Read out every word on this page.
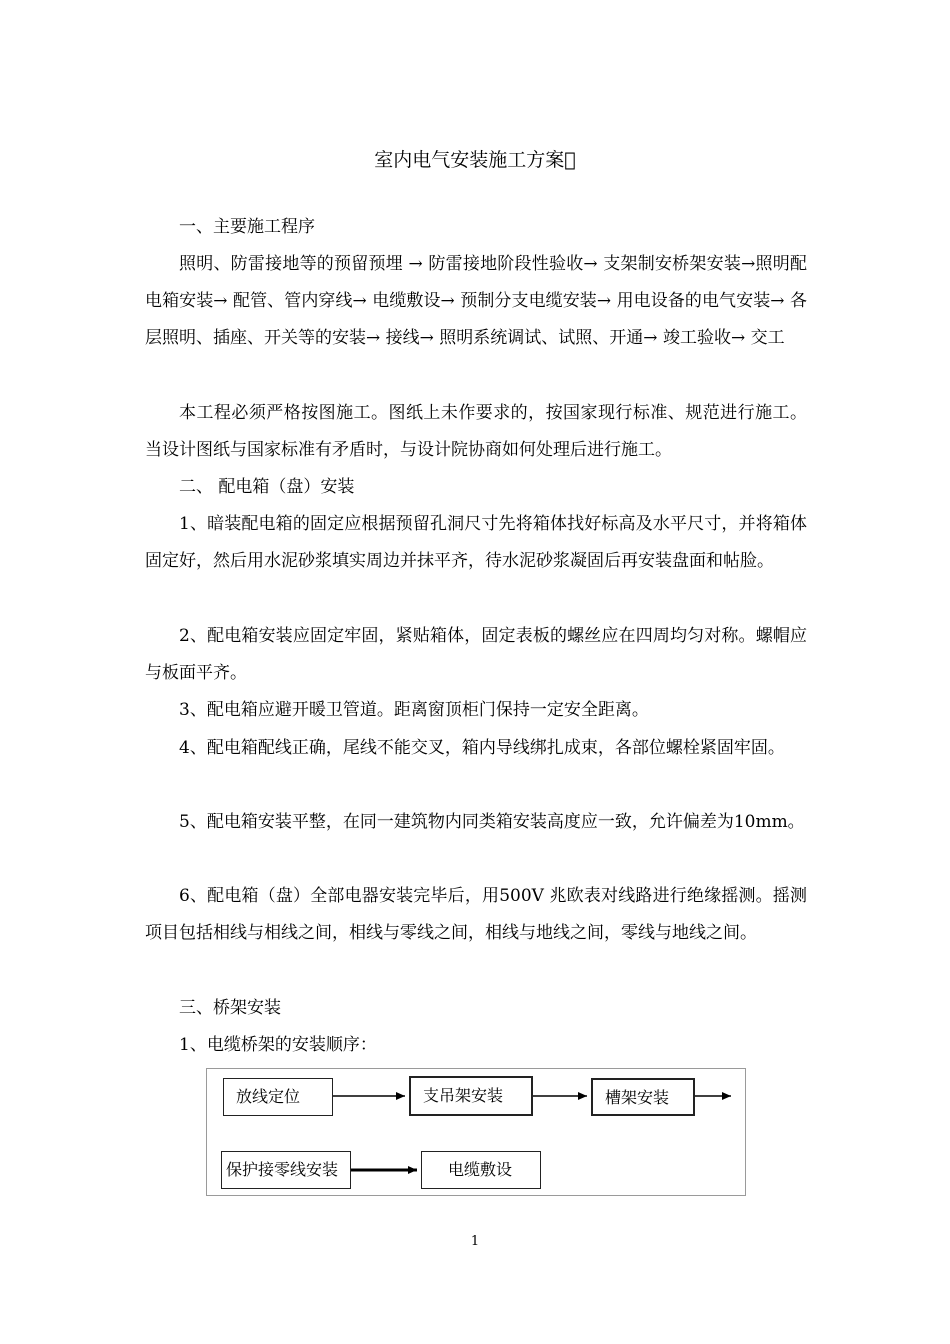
室内电气安装施工方案 
一、主要施工程序
照明、防雷接地等的预留预埋 → 防雷接地阶段性验收→ 支架制安桥架安装→照明配电箱安装→ 配管、管内穿线→ 电缆敷设→ 预制分支电缆安装→ 用电设备的电气安装→ 各层照明、插座、开关等的安装→ 接线→ 照明系统调试、试照、开通→ 竣工验收→ 交工
本工程必须严格按图施工。图纸上未作要求的，按国家现行标准、规范进行施工。当设计图纸与国家标准有矛盾时，与设计院协商如何处理后进行施工。
二、 配电箱（盘）安装
1、暗装配电箱的固定应根据预留孔洞尺寸先将箱体找好标高及水平尺寸，并将箱体固定好，然后用水泥砂浆填实周边并抹平齐，待水泥砂浆凝固后再安装盘面和帖脸。
2、配电箱安装应固定牢固，紧贴箱体，固定表板的螺丝应在四周均匀对称。螺帽应与板面平齐。
3、配电箱应避开暖卫管道。距离窗顶柜门保持一定安全距离。
4、配电箱配线正确，尾线不能交叉，箱内导线绑扎成束，各部位螺栓紧固牢固。
5、配电箱安装平整，在同一建筑物内同类箱安装高度应一致，允许偏差为10mm。
6、配电箱（盘）全部电器安装完毕后，用500V 兆欧表对线路进行绝缘摇测。摇测项目包括相线与相线之间，相线与零线之间，相线与地线之间，零线与地线之间。
三、桥架安装
1、电缆桥架的安装顺序：
放线定位	支吊架安装	槽架安装
保护接零线安装	电缆敷设
1
